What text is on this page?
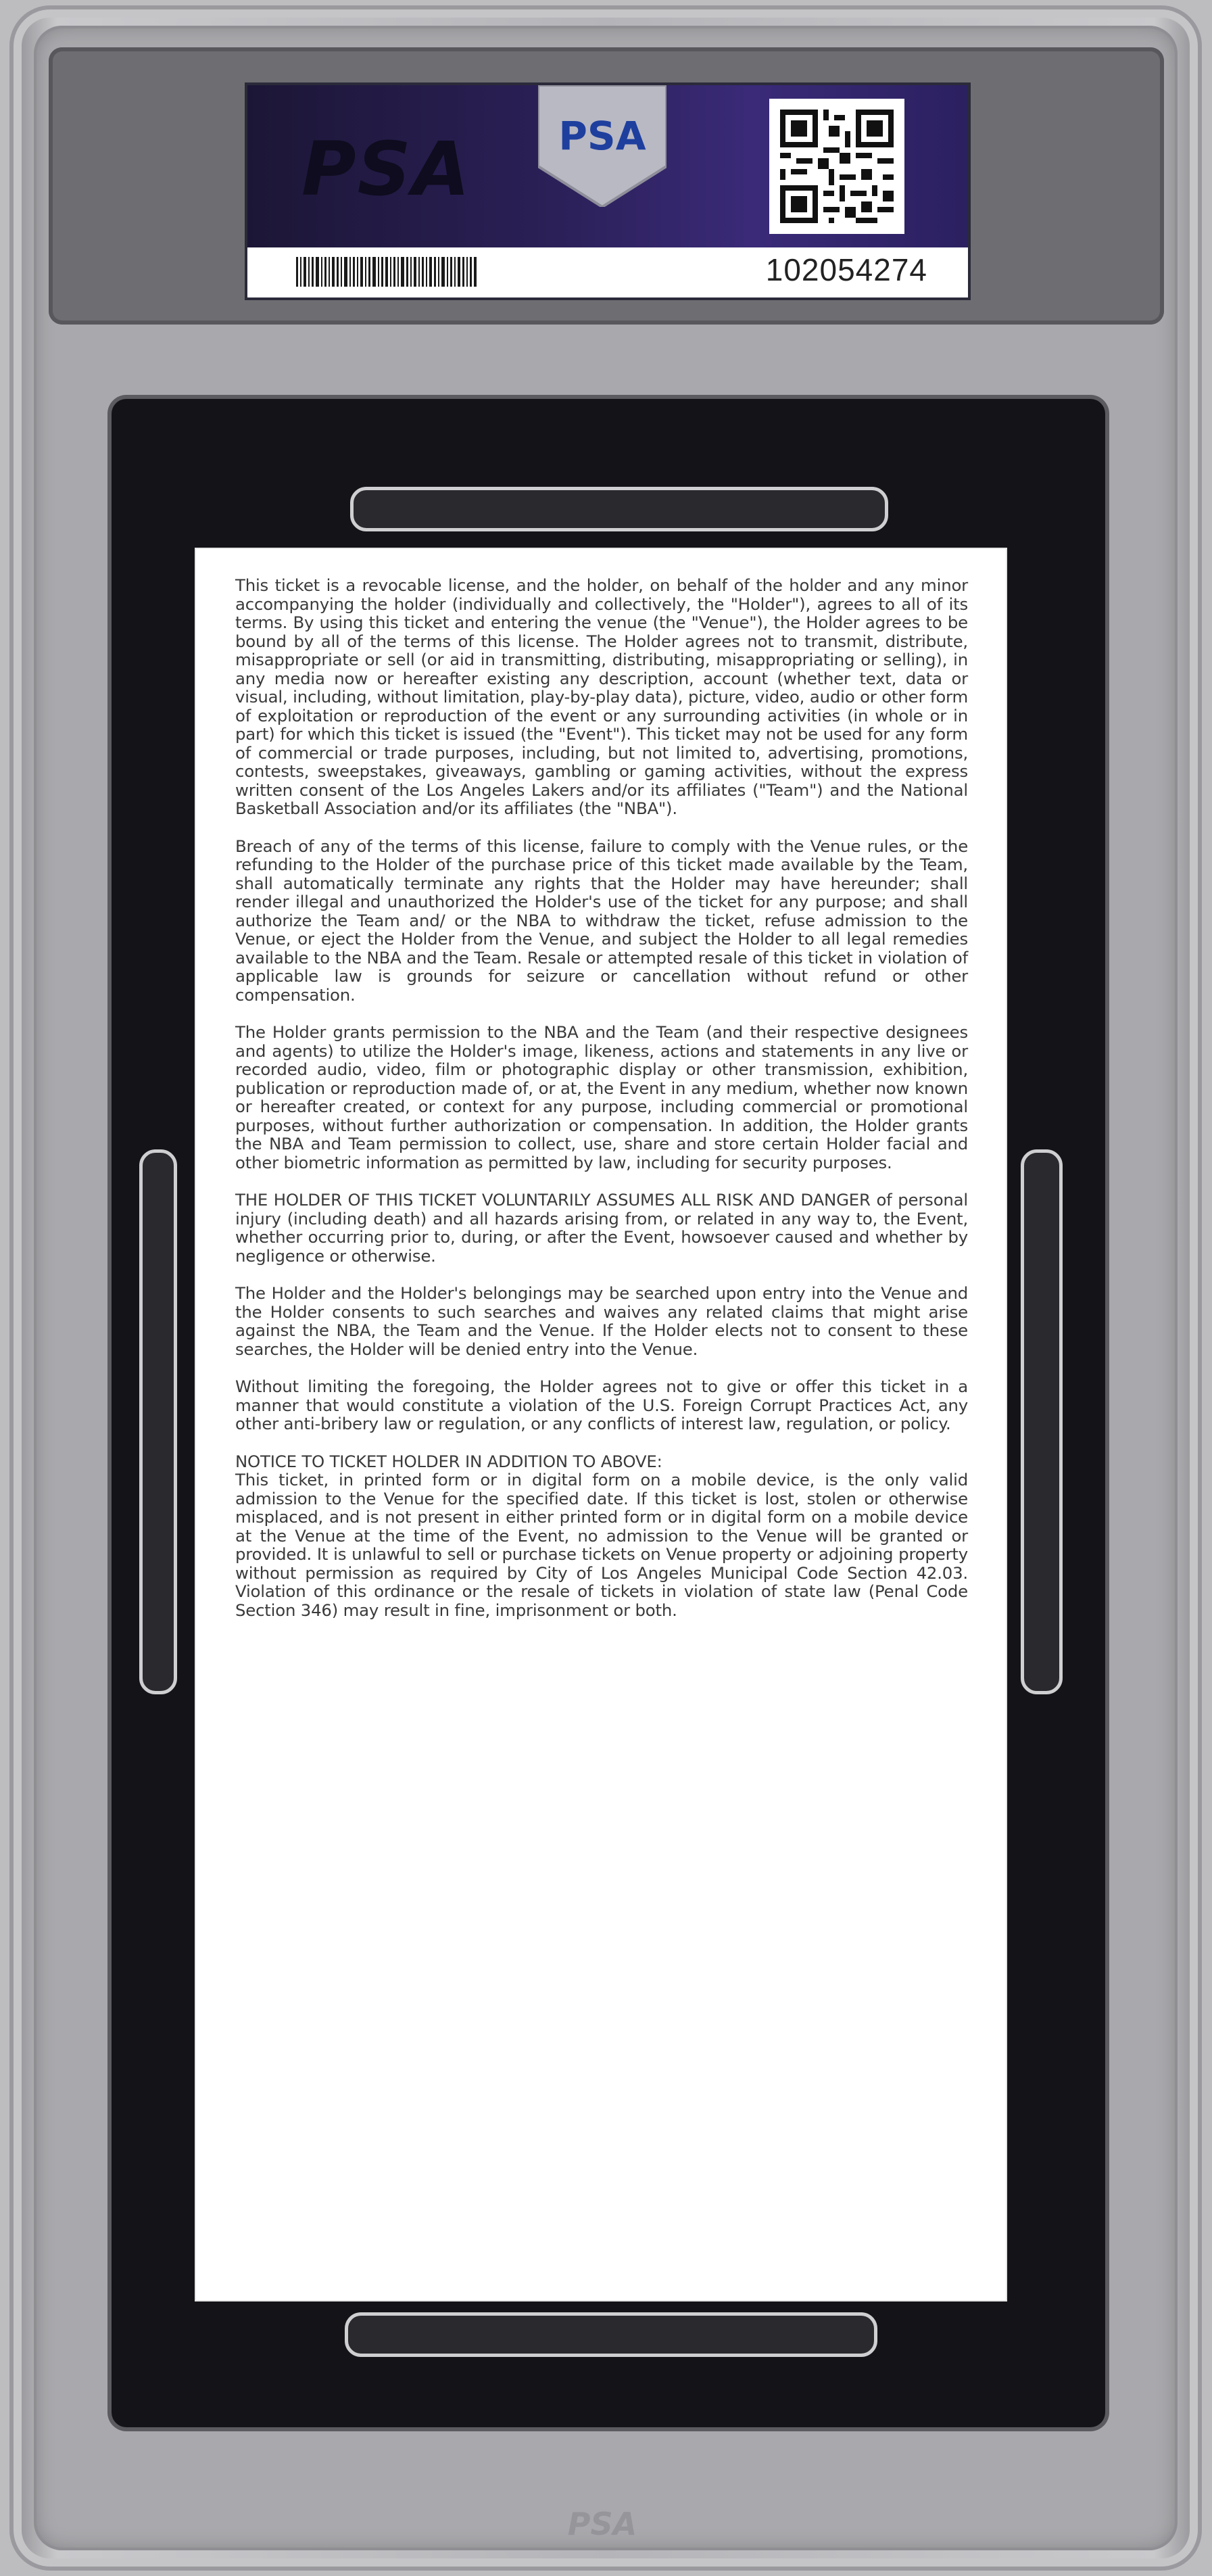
PSA PSA
102054274

This ticket is a revocable license, and the holder, on behalf of the holder and any minor accompanying the holder (individually and collectively, the "Holder"), agrees to all of its terms. By using this ticket and entering the venue (the "Venue"), the Holder agrees to be bound by all of the terms of this license. The Holder agrees not to transmit, distribute, misappropriate or sell (or aid in transmitting, distributing, misappropriating or selling), in any media now or hereafter existing any description, account (whether text, data or visual, including, without limitation, play-by-play data), picture, video, audio or other form of exploitation or reproduction of the event or any surrounding activities (in whole or in part) for which this ticket is issued (the "Event"). This ticket may not be used for any form of commercial or trade purposes, including, but not limited to, advertising, promotions, contests, sweepstakes, giveaways, gambling or gaming activities, without the express written consent of the Los Angeles Lakers and/or its affiliates ("Team") and the National Basketball Association and/or its affiliates (the "NBA").

Breach of any of the terms of this license, failure to comply with the Venue rules, or the refunding to the Holder of the purchase price of this ticket made available by the Team, shall automatically terminate any rights that the Holder may have hereunder; shall render illegal and unauthorized the Holder's use of the ticket for any purpose; and shall authorize the Team and/ or the NBA to withdraw the ticket, refuse admission to the Venue, or eject the Holder from the Venue, and subject the Holder to all legal remedies available to the NBA and the Team. Resale or attempted resale of this ticket in violation of applicable law is grounds for seizure or cancellation without refund or other compensation.

The Holder grants permission to the NBA and the Team (and their respective designees and agents) to utilize the Holder's image, likeness, actions and statements in any live or recorded audio, video, film or photographic display or other transmission, exhibition, publication or reproduction made of, or at, the Event in any medium, whether now known or hereafter created, or context for any purpose, including commercial or promotional purposes, without further authorization or compensation. In addition, the Holder grants the NBA and Team permission to collect, use, share and store certain Holder facial and other biometric information as permitted by law, including for security purposes.

THE HOLDER OF THIS TICKET VOLUNTARILY ASSUMES ALL RISK AND DANGER of personal injury (including death) and all hazards arising from, or related in any way to, the Event, whether occurring prior to, during, or after the Event, howsoever caused and whether by negligence or otherwise.

The Holder and the Holder's belongings may be searched upon entry into the Venue and the Holder consents to such searches and waives any related claims that might arise against the NBA, the Team and the Venue. If the Holder elects not to consent to these searches, the Holder will be denied entry into the Venue.

Without limiting the foregoing, the Holder agrees not to give or offer this ticket in a manner that would constitute a violation of the U.S. Foreign Corrupt Practices Act, any other anti-bribery law or regulation, or any conflicts of interest law, regulation, or policy.

NOTICE TO TICKET HOLDER IN ADDITION TO ABOVE:

This ticket, in printed form or in digital form on a mobile device, is the only valid admission to the Venue for the specified date. If this ticket is lost, stolen or otherwise misplaced, and is not present in either printed form or in digital form on a mobile device at the Venue at the time of the Event, no admission to the Venue will be granted or provided. It is unlawful to sell or purchase tickets on Venue property or adjoining property without permission as required by City of Los Angeles Municipal Code Section 42.03. Violation of this ordinance or the resale of tickets in violation of state law (Penal Code Section 346) may result in fine, imprisonment or both.

PSA
